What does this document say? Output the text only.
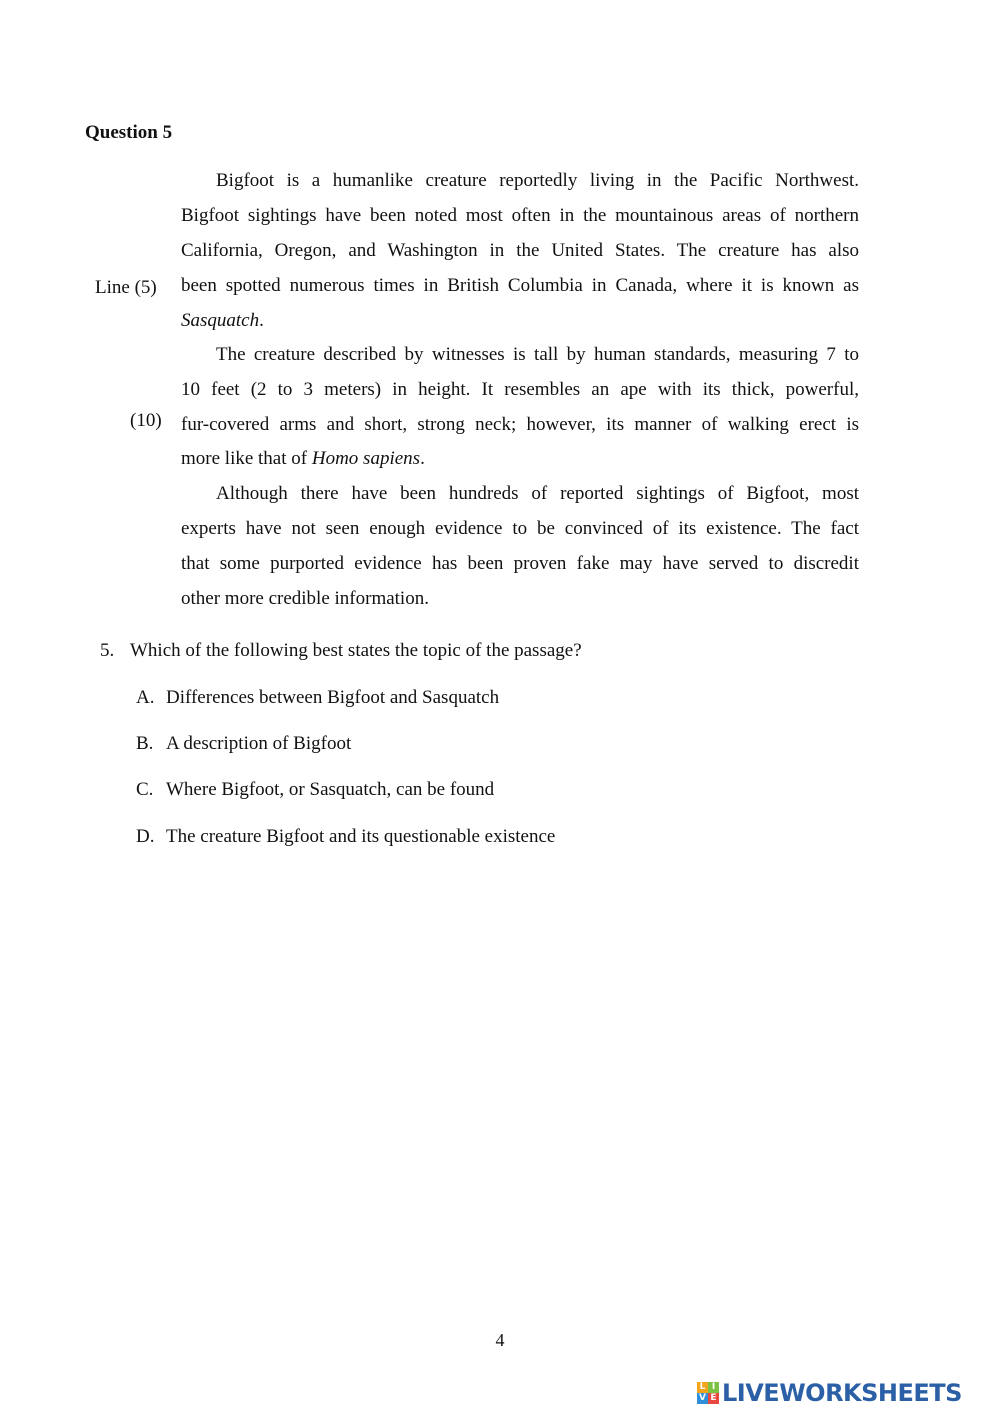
Question 5
Line (5)
(10)
Bigfoot is a humanlike creature reportedly living in the Pacific Northwest.
Bigfoot sightings have been noted most often in the mountainous areas of northern
California, Oregon, and Washington in the United States. The creature has also
been spotted numerous times in British Columbia in Canada, where it is known as
Sasquatch.
The creature described by witnesses is tall by human standards, measuring 7 to
10 feet (2 to 3 meters) in height. It resembles an ape with its thick, powerful,
fur-covered arms and short, strong neck; however, its manner of walking erect is
more like that of Homo sapiens.
Although there have been hundreds of reported sightings of Bigfoot, most
experts have not seen enough evidence to be convinced of its existence. The fact
that some purported evidence has been proven fake may have served to discredit
other more credible information.
5. Which of the following best states the topic of the passage?
A. Differences between Bigfoot and Sasquatch
B. A description of Bigfoot
C. Where Bigfoot, or Sasquatch, can be found
D. The creature Bigfoot and its questionable existence
4
L I
V E LIVEWORKSHEETS
